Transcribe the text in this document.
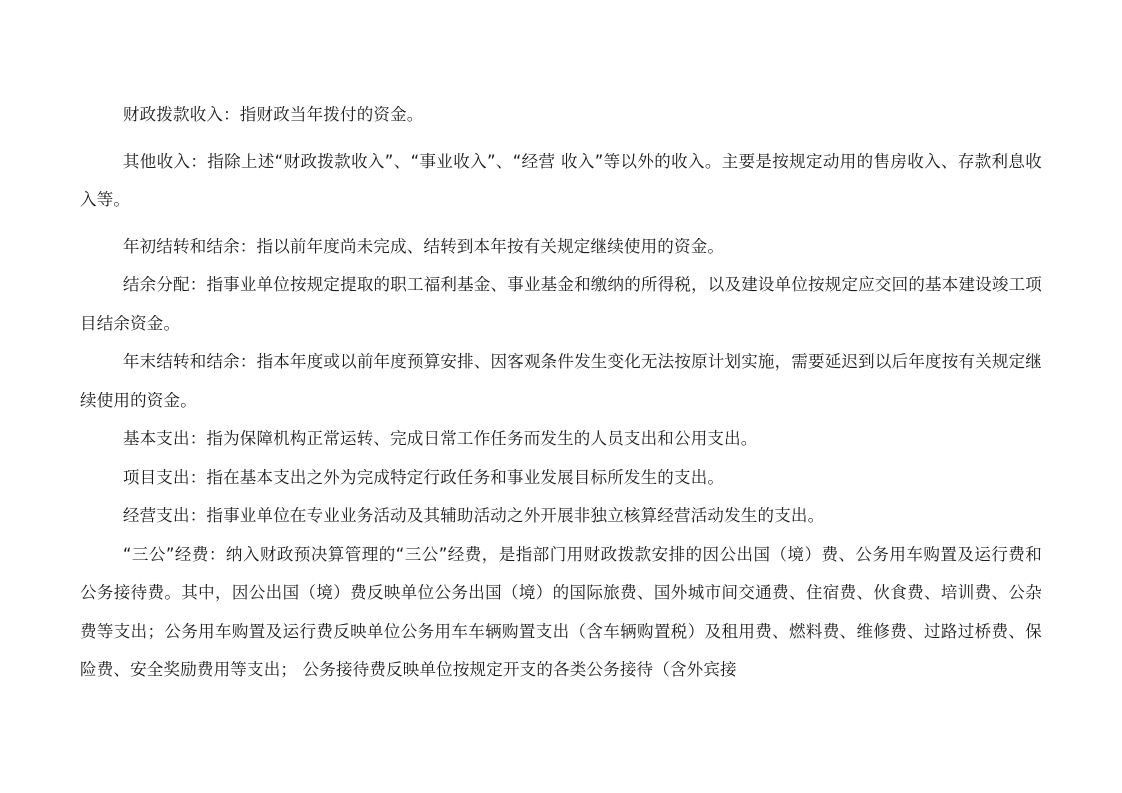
财政拨款收入：指财政当年拨付的资金。

其他收入：指除上述“财政拨款收入”、“事业收入”、“经营 收入”等以外的收入。主要是按规定动用的售房收入、存款利息收入等。

年初结转和结余：指以前年度尚未完成、结转到本年按有关规定继续使用的资金。

结余分配：指事业单位按规定提取的职工福利基金、事业基金和缴纳的所得税，以及建设单位按规定应交回的基本建设竣工项目结余资金。

年末结转和结余：指本年度或以前年度预算安排、因客观条件发生变化无法按原计划实施，需要延迟到以后年度按有关规定继续使用的资金。

基本支出：指为保障机构正常运转、完成日常工作任务而发生的人员支出和公用支出。

项目支出：指在基本支出之外为完成特定行政任务和事业发展目标所发生的支出。

经营支出：指事业单位在专业业务活动及其辅助活动之外开展非独立核算经营活动发生的支出。

“三公”经费：纳入财政预决算管理的“三公”经费，是指部门用财政拨款安排的因公出国（境）费、公务用车购置及运行费和公务接待费。其中，因公出国（境）费反映单位公务出国（境）的国际旅费、国外城市间交通费、住宿费、伙食费、培训费、公杂费等支出；公务用车购置及运行费反映单位公务用车车辆购置支出（含车辆购置税）及租用费、燃料费、维修费、过路过桥费、保险费、安全奖励费用等支出； 公务接待费反映单位按规定开支的各类公务接待（含外宾接
